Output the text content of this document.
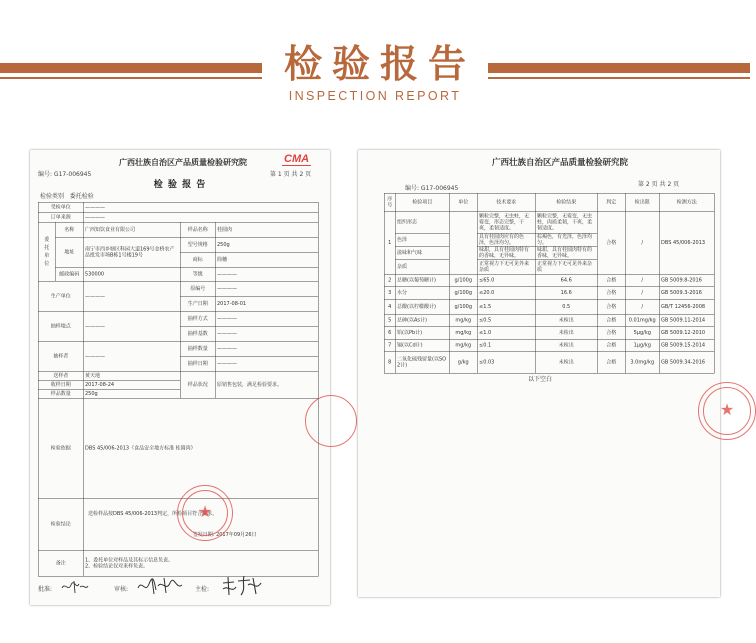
检验报告
INSPECTION REPORT
广西壮族自治区产品质量检验研究院	CMA
编号: G17-006945	第 1 页 共 2 页
检 验 报 告
检验类别 委托检验
受检单位		————		
订单来源		————		

委托单位	名称	广西知饮食业有限公司	样品名称	桂圆肉
	地址	南宁市西乡塘区科园大道169号金桥农产品批发市场B栋1号楼19号	型号规格	250g
			商标	简穗
	邮政编码	530000	等级	————
生产单位		————	原编号	————
			生产日期	2017-08-01
抽样地点		————	抽样方式	————
			抽样基数	————
抽样者		————	抽样数量	————
			抽样日期	————
送样者		黄天地	样品状况	原销售包装，满足检验要求。
收样日期		2017-08-24		
样品数量		250g		
检验依据		DBS 45/006-2013《食品安全地方标准 桂圆肉》		
检验结论		送检样品按DBS 45/006-2013判定，所检项目符合要求。
签发日期: 2017年09月26日		

备注		1、委托单位对样品及其标示信息负责。
2、检验结论仅对来样负责。		
★
批准:	审核:	主检:
广西壮族自治区产品质量检验研究院
第 2 页 共 2 页
编号: G17-006945
序号	检验项目	单位	技术要求	检验结果	判定	检出限	检测方法
1	组织形态		颗粒完整，无虫蛀，无霉变，形态完整，干爽，柔韧适度。	颗粒完整，无霉变，无虫蛀，肉质柔韧，干爽，柔韧适度。	合格	/	DBS 45/006-2013
	色泽		具有桂圆肉应有的色泽，色泽均匀。	棕褐色，有光泽，色泽均匀。			
	滋味和气味		味甜，具有桂圆肉特有的香味，无异味。	味甜，具有桂圆肉特有的香味，无异味。			
	杂质		正常视力下无可见外来杂质	正常视力下无可见外来杂质			
2	总糖(以葡萄糖计)	g/100g	≤65.0	64.6	合格	/	GB 5009.8-2016
3	水分	g/100g	≤20.0	16.6	合格	/	GB 5009.3-2016
4	总酸(以柠檬酸计)	g/100g	≤1.5	0.5	合格	/	GB/T 12456-2008
5	总砷(以As计)	mg/kg	≤0.5	未检出	合格	0.01mg/kg	GB 5009.11-2014
6	铅(以Pb计)	mg/kg	≤1.0	未检出	合格	5μg/kg	GB 5009.12-2010
7	镉(以Cd计)	mg/kg	≤0.1	未检出	合格	1μg/kg	GB 5009.15-2014
8	二氧化硫残留量(以SO2计)	g/kg	≤0.03	未检出	合格	3.0mg/kg	GB 5009.34-2016
以下空白
★
